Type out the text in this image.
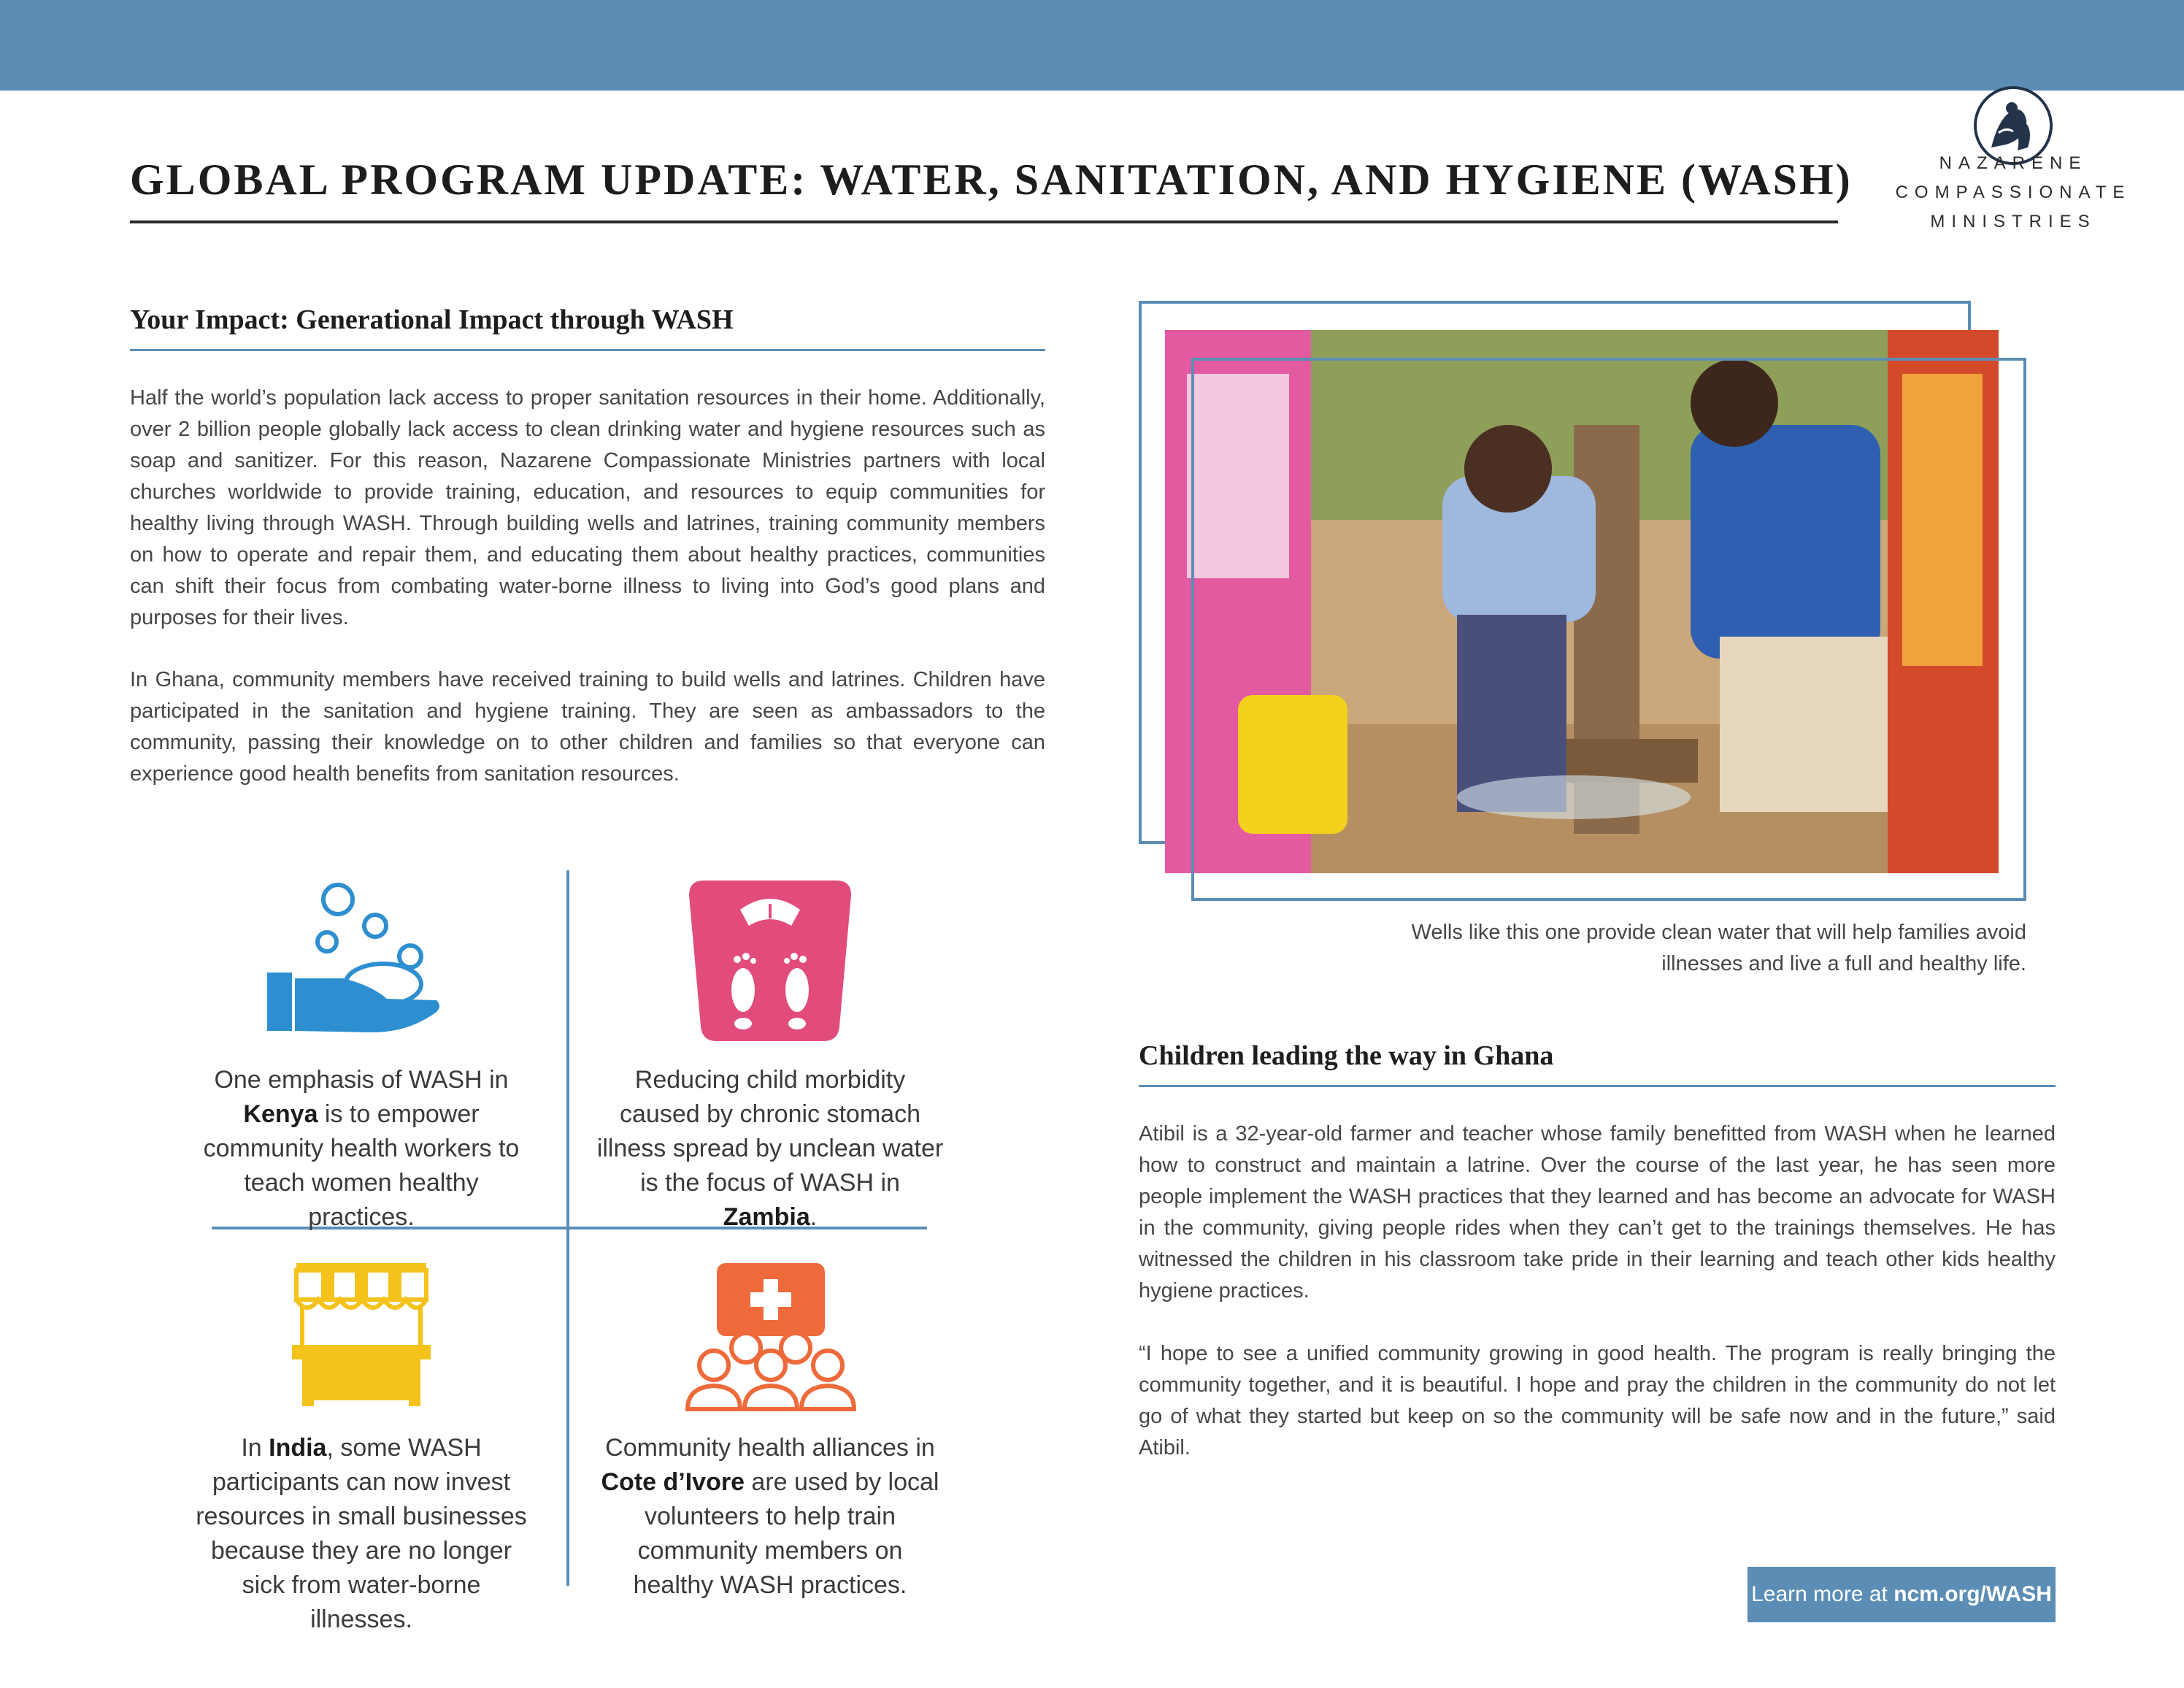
NAZARENE
COMPASSIONATE
MINISTRIES
GLOBAL PROGRAM UPDATE: WATER, SANITATION, AND HYGIENE (WASH)
Your Impact: Generational Impact through WASH
Half the world’s population lack access to proper sanitation resources in their home. Additionally, over 2 billion people globally lack access to clean drinking water and hygiene resources such as soap and sanitizer. For this reason, Nazarene Compassionate Ministries partners with local churches worldwide to provide training, education, and resources to equip communities for healthy living through WASH. Through building wells and latrines, training community members on how to operate and repair them, and educating them about healthy practices, communities can shift their focus from combating water-borne illness to living into God’s good plans and purposes for their lives.
In Ghana, community members have received training to build wells and latrines. Children have participated in the sanitation and hygiene training. They are seen as ambassadors to the community, passing their knowledge on to other children and families so that everyone can experience good health benefits from sanitation resources.
One emphasis of WASH in Kenya is to empower community health workers to teach women healthy practices.
Reducing child morbidity caused by chronic stomach illness spread by unclean water is the focus of WASH in Zambia.
In India, some WASH participants can now invest resources in small businesses because they are no longer sick from water-borne illnesses.
Community health alliances in Cote d’Ivore are used by local volunteers to help train community members on healthy WASH practices.
Wells like this one provide clean water that will help families avoid
illnesses and live a full and healthy life.
Children leading the way in Ghana
Atibil is a 32-year-old farmer and teacher whose family benefitted from WASH when he learned how to construct and maintain a latrine. Over the course of the last year, he has seen more people implement the WASH practices that they learned and has become an advocate for WASH in the community, giving people rides when they can’t get to the trainings themselves. He has witnessed the children in his classroom take pride in their learning and teach other kids healthy hygiene practices.
“I hope to see a unified community growing in good health. The program is really bringing the community together, and it is beautiful. I hope and pray the children in the community do not let go of what they started but keep on so the community will be safe now and in the future,” said Atibil.
Learn more at ncm.org/WASH
